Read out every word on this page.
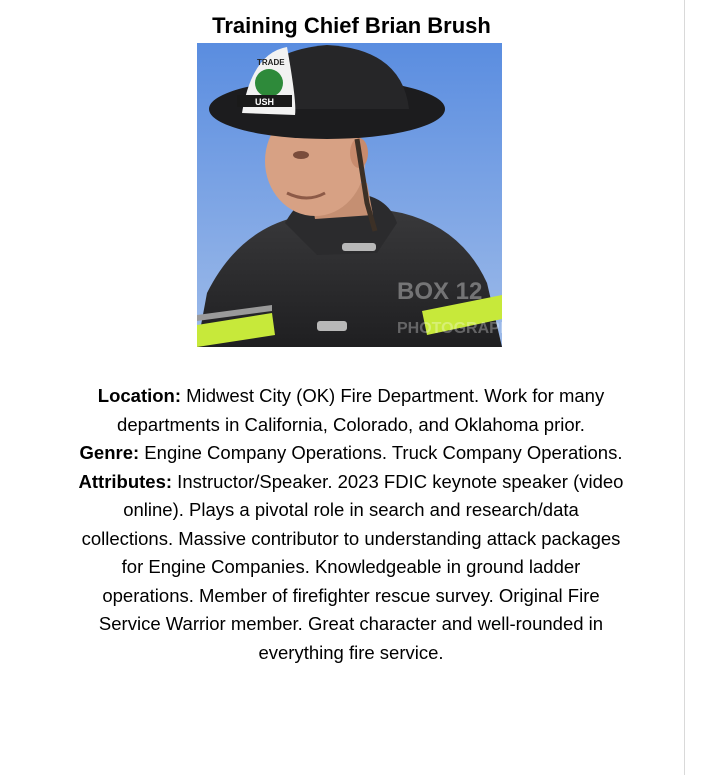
Training Chief Brian Brush
TRADE
USH
BOX 12
PHOTOGRAPHY

Location: Midwest City (OK) Fire Department. Work for many departments in California, Colorado, and Oklahoma prior.

Genre: Engine Company Operations. Truck Company Operations.

Attributes: Instructor/Speaker. 2023 FDIC keynote speaker (video online). Plays a pivotal role in search and research/data collections. Massive contributor to understanding attack packages for Engine Companies. Knowledgeable in ground ladder operations. Member of firefighter rescue survey. Original Fire Service Warrior member. Great character and well-rounded in everything fire service.
